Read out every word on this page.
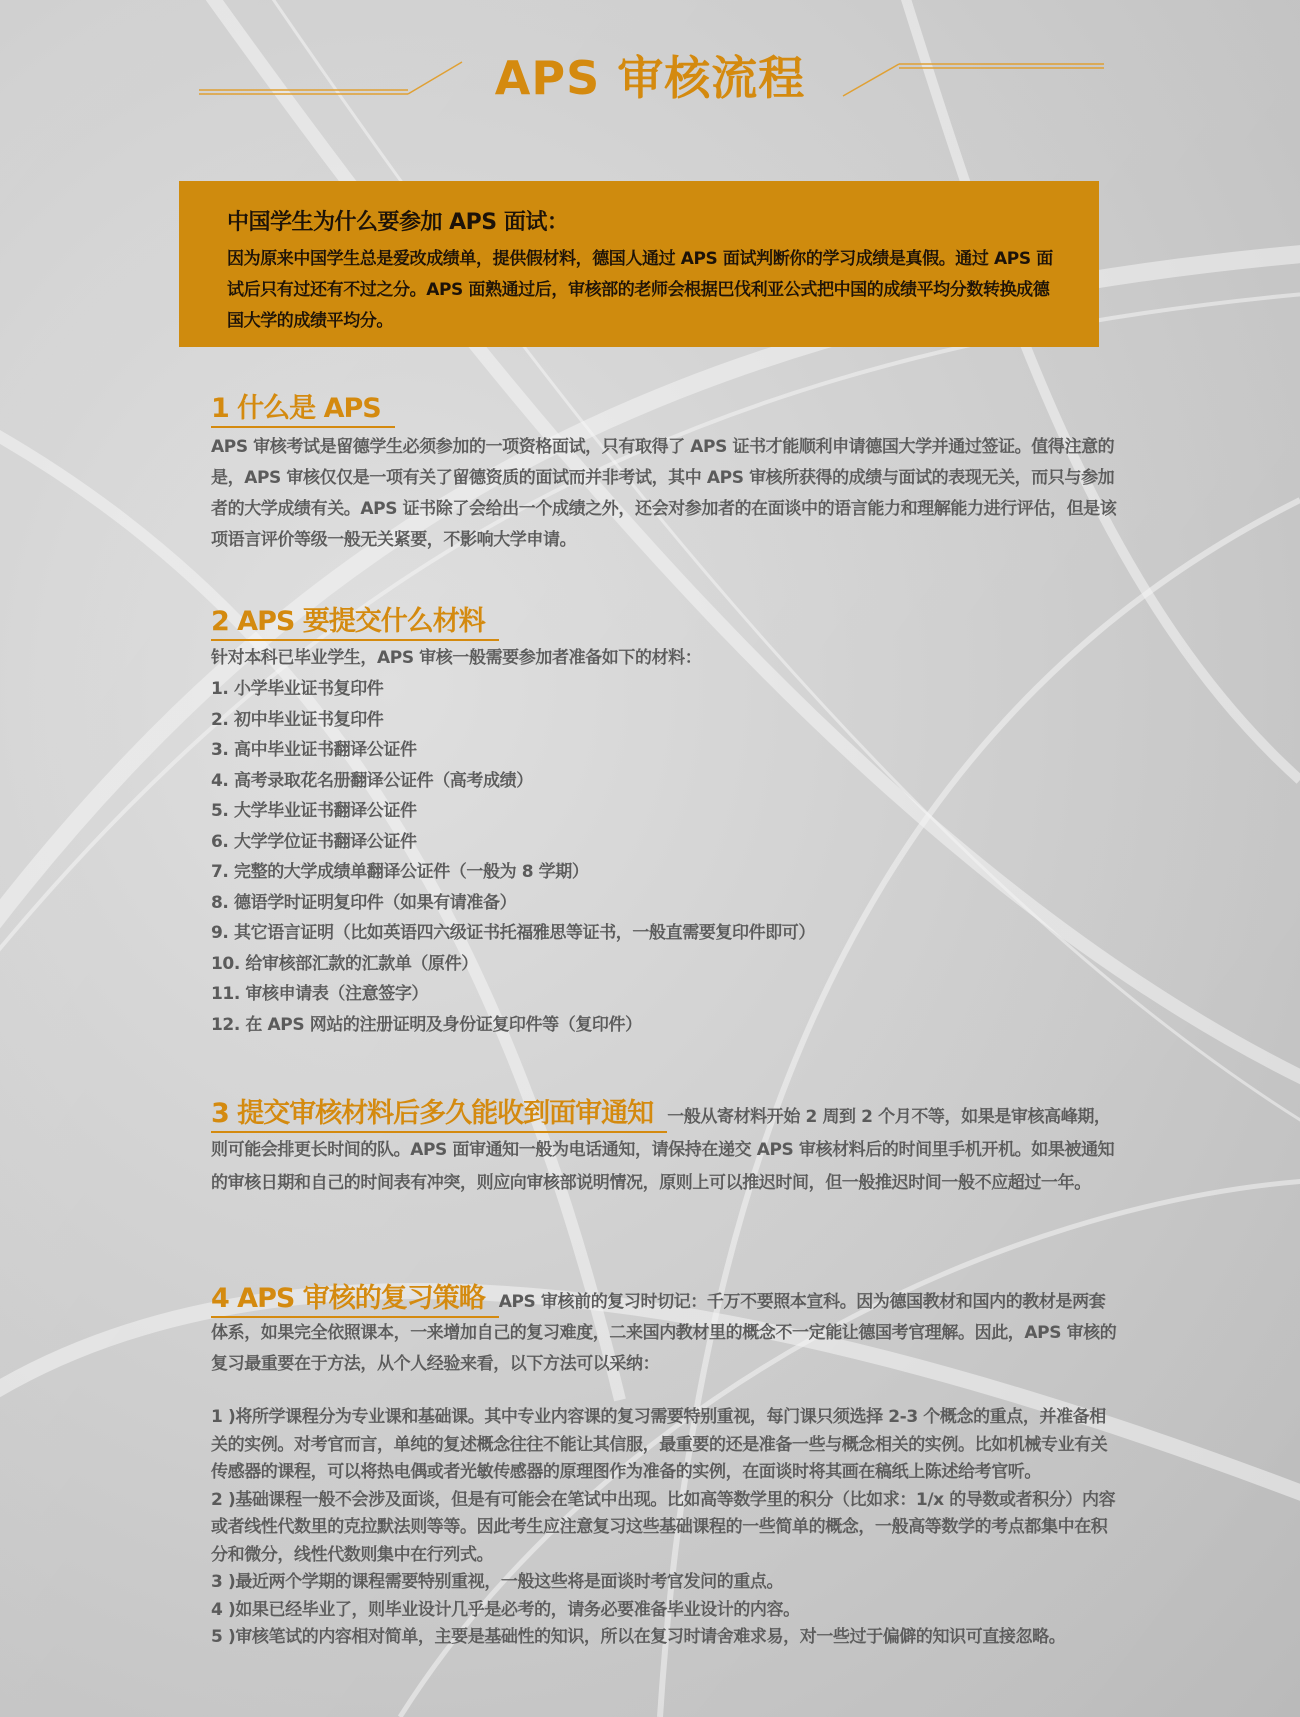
APS 审核流程
中国学生为什么要参加 APS 面试：
因为原来中国学生总是爱改成绩单，提供假材料，德国人通过 APS 面试判断你的学习成绩是真假。通过 APS 面试后只有过还有不过之分。APS 面熟通过后，审核部的老师会根据巴伐利亚公式把中国的成绩平均分数转换成德国大学的成绩平均分。
1 什么是 APS
APS 审核考试是留德学生必须参加的一项资格面试，只有取得了 APS 证书才能顺利申请德国大学并通过签证。值得注意的是，APS 审核仅仅是一项有关了留德资质的面试而并非考试，其中 APS 审核所获得的成绩与面试的表现无关，而只与参加者的大学成绩有关。APS 证书除了会给出一个成绩之外，还会对参加者的在面谈中的语言能力和理解能力进行评估，但是该项语言评价等级一般无关紧要，不影响大学申请。
2 APS 要提交什么材料
针对本科已毕业学生，APS 审核一般需要参加者准备如下的材料：
1. 小学毕业证书复印件
2. 初中毕业证书复印件
3. 高中毕业证书翻译公证件
4. 高考录取花名册翻译公证件（高考成绩）
5. 大学毕业证书翻译公证件
6. 大学学位证书翻译公证件
7. 完整的大学成绩单翻译公证件（一般为 8 学期）
8. 德语学时证明复印件（如果有请准备）
9. 其它语言证明（比如英语四六级证书托福雅思等证书，一般直需要复印件即可）
10. 给审核部汇款的汇款单（原件）
11. 审核申请表（注意签字）
12. 在 APS 网站的注册证明及身份证复印件等（复印件）
3 提交审核材料后多久能收到面审通知 一般从寄材料开始 2 周到 2 个月不等，如果是审核高峰期，
则可能会排更长时间的队。APS 面审通知一般为电话通知，请保持在递交 APS 审核材料后的时间里手机开机。如果被通知的审核日期和自己的时间表有冲突，则应向审核部说明情况，原则上可以推迟时间，但一般推迟时间一般不应超过一年。
4 APS 审核的复习策略 APS 审核前的复习时切记：千万不要照本宣科。因为德国教材和国内的教材是两套
体系，如果完全依照课本，一来增加自己的复习难度，二来国内教材里的概念不一定能让德国考官理解。因此，APS 审核的复习最重要在于方法，从个人经验来看，以下方法可以采纳：
1 )将所学课程分为专业课和基础课。其中专业内容课的复习需要特别重视，每门课只须选择 2-3 个概念的重点，并准备相关的实例。对考官而言，单纯的复述概念往往不能让其信服，最重要的还是准备一些与概念相关的实例。比如机械专业有关传感器的课程，可以将热电偶或者光敏传感器的原理图作为准备的实例，在面谈时将其画在稿纸上陈述给考官听。
2 )基础课程一般不会涉及面谈，但是有可能会在笔试中出现。比如高等数学里的积分（比如求：1/x 的导数或者积分）内容或者线性代数里的克拉默法则等等。因此考生应注意复习这些基础课程的一些简单的概念，一般高等数学的考点都集中在积分和微分，线性代数则集中在行列式。
3 )最近两个学期的课程需要特别重视，一般这些将是面谈时考官发问的重点。
4 )如果已经毕业了，则毕业设计几乎是必考的，请务必要准备毕业设计的内容。
5 )审核笔试的内容相对简单，主要是基础性的知识，所以在复习时请舍难求易，对一些过于偏僻的知识可直接忽略。
